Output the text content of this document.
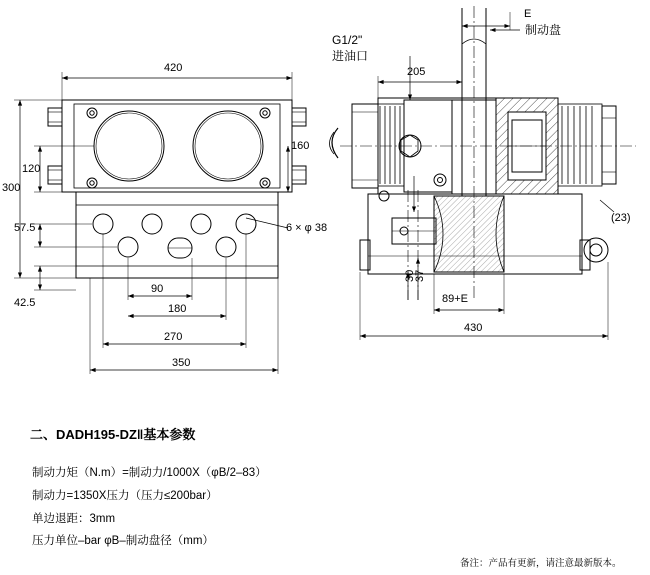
420
300
120
57.5
42.5
160
90
180
270
350
6 × φ 38
E
205
430
89+E
30
37
(23)
G1/2"
进油口
制动盘
二、DADH195-DZ‖基本参数
制动力矩（N.m）=制动力/1000X（φB/2–83）
制动力=1350X压力（压力≤200bar）
单边退距：3mm
压力单位–bar φB–制动盘径（mm）
备注：产品有更新，请注意最新版本。
